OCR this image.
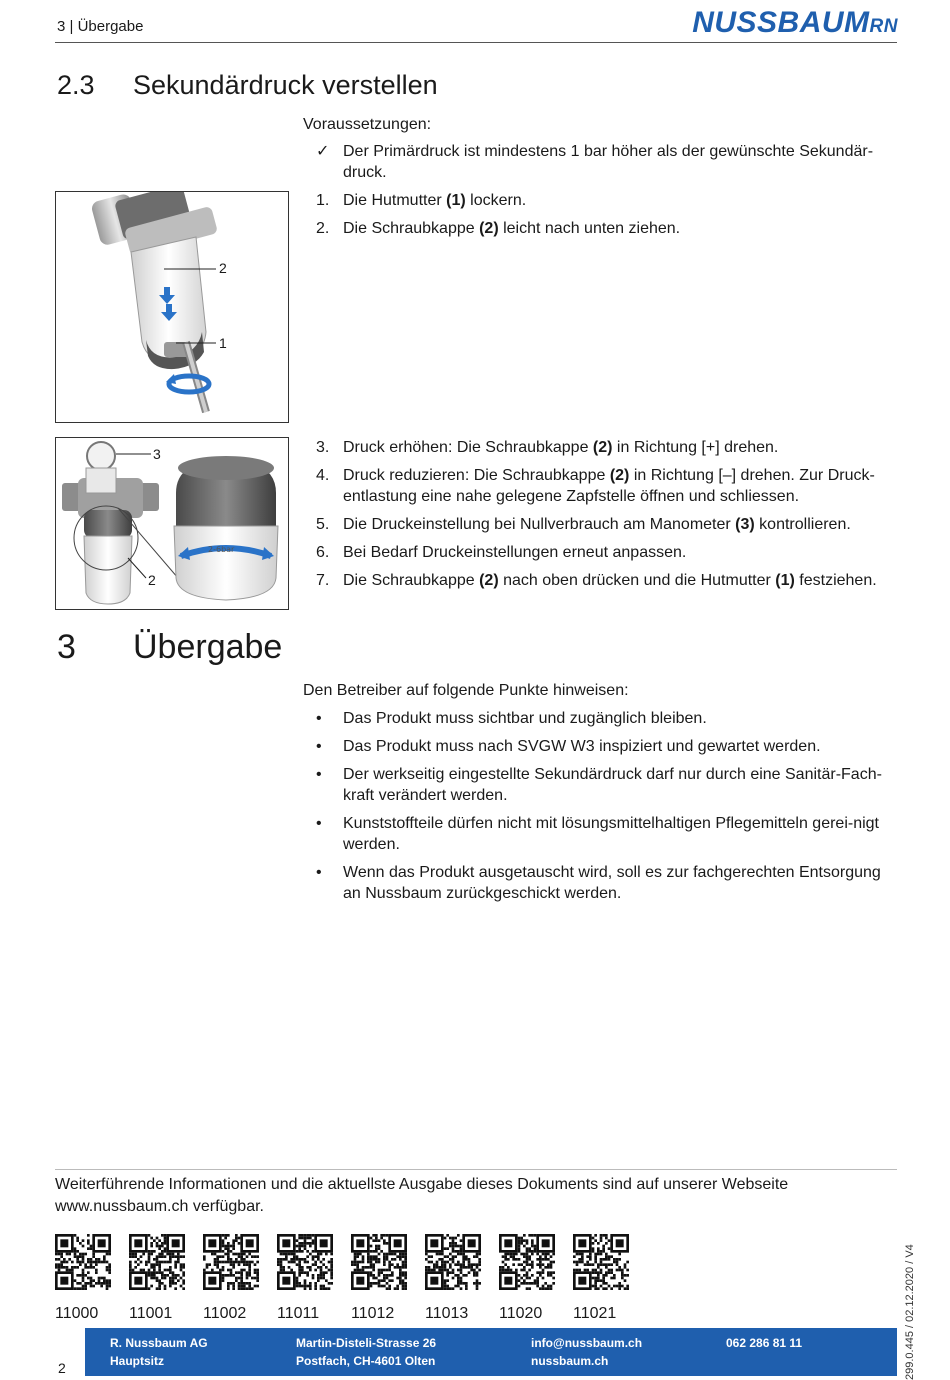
3 | Übergabe	NUSSBAUMRN
2.3 Sekundärdruck verstellen
Voraussetzungen:
✓ Der Primärdruck ist mindestens 1 bar höher als der gewünschte Sekundär-druck.
1. Die Hutmutter (1) lockern.
2. Die Schraubkappe (2) leicht nach unten ziehen.
2
1
2-6bar
3
2
3. Druck erhöhen: Die Schraubkappe (2) in Richtung [+] drehen.
4. Druck reduzieren: Die Schraubkappe (2) in Richtung [–] drehen. Zur Druck-entlastung eine nahe gelegene Zapfstelle öffnen und schliessen.
5. Die Druckeinstellung bei Nullverbrauch am Manometer (3) kontrollieren.
6. Bei Bedarf Druckeinstellungen erneut anpassen.
7. Die Schraubkappe (2) nach oben drücken und die Hutmutter (1) festziehen.
3 Übergabe
Den Betreiber auf folgende Punkte hinweisen:
• Das Produkt muss sichtbar und zugänglich bleiben.
• Das Produkt muss nach SVGW W3 inspiziert und gewartet werden.
• Der werkseitig eingestellte Sekundärdruck darf nur durch eine Sanitär-Fach-kraft verändert werden.
• Kunststoffteile dürfen nicht mit lösungsmittelhaltigen Pflegemitteln gerei-nigt werden.
• Wenn das Produkt ausgetauscht wird, soll es zur fachgerechten Entsorgung an Nussbaum zurückgeschickt werden.
Weiterführende Informationen und die aktuellste Ausgabe dieses Dokuments sind auf unserer Webseite www.nussbaum.ch verfügbar.
11000	11001	11002	11011	11012	11013	11020	11021
R. Nussbaum AG
Hauptsitz
Martin-Disteli-Strasse 26
Postfach, CH-4601 Olten
info@nussbaum.ch
nussbaum.ch
062 286 81 11
2	299.0.445 / 02.12.2020 / V4
